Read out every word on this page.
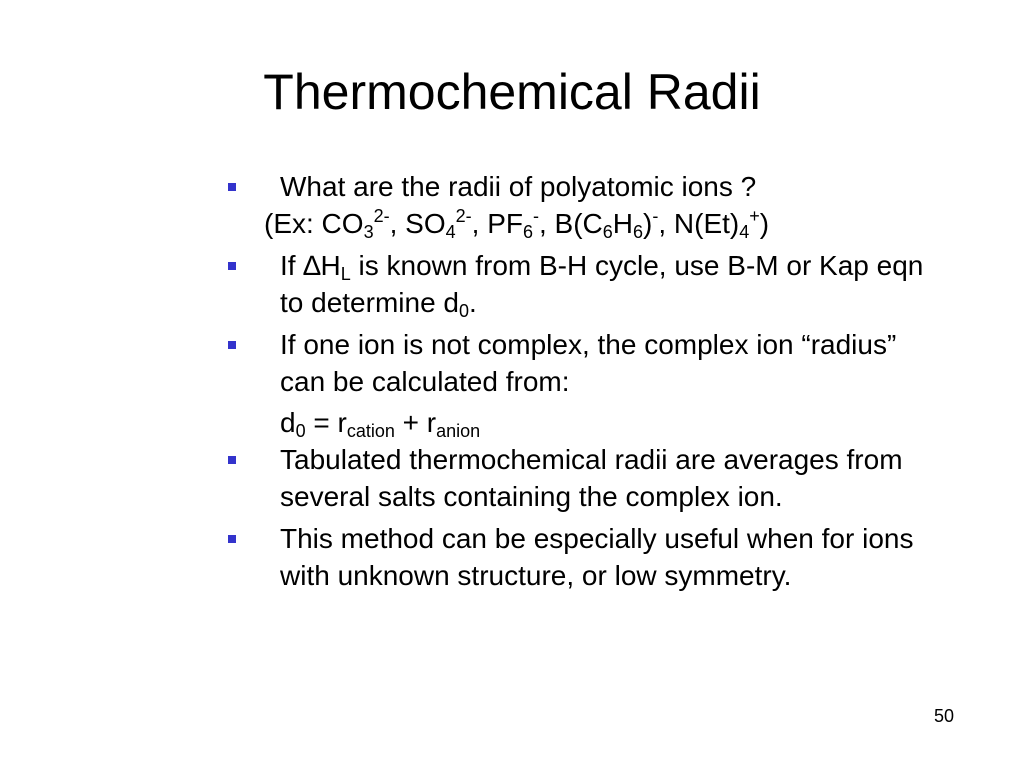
Thermochemical Radii
What are the radii of polyatomic ions ?
(Ex: $CO_3^{2-}$, $SO_4^{2-}$, $PF_6^-$, $B(C_6H_6)^-$, $N(Et)_4^+$)
If $\Delta H_L$ is known from B-H cycle, use B-M or Kap eqn to determine $d_0$.
If one ion is not complex, the complex ion “radius” can be calculated from:
$d_0 = r_{cation} + r_{anion}$
Tabulated thermochemical radii are averages from several salts containing the complex ion.
This method can be especially useful when for ions with unknown structure, or low symmetry.
50
